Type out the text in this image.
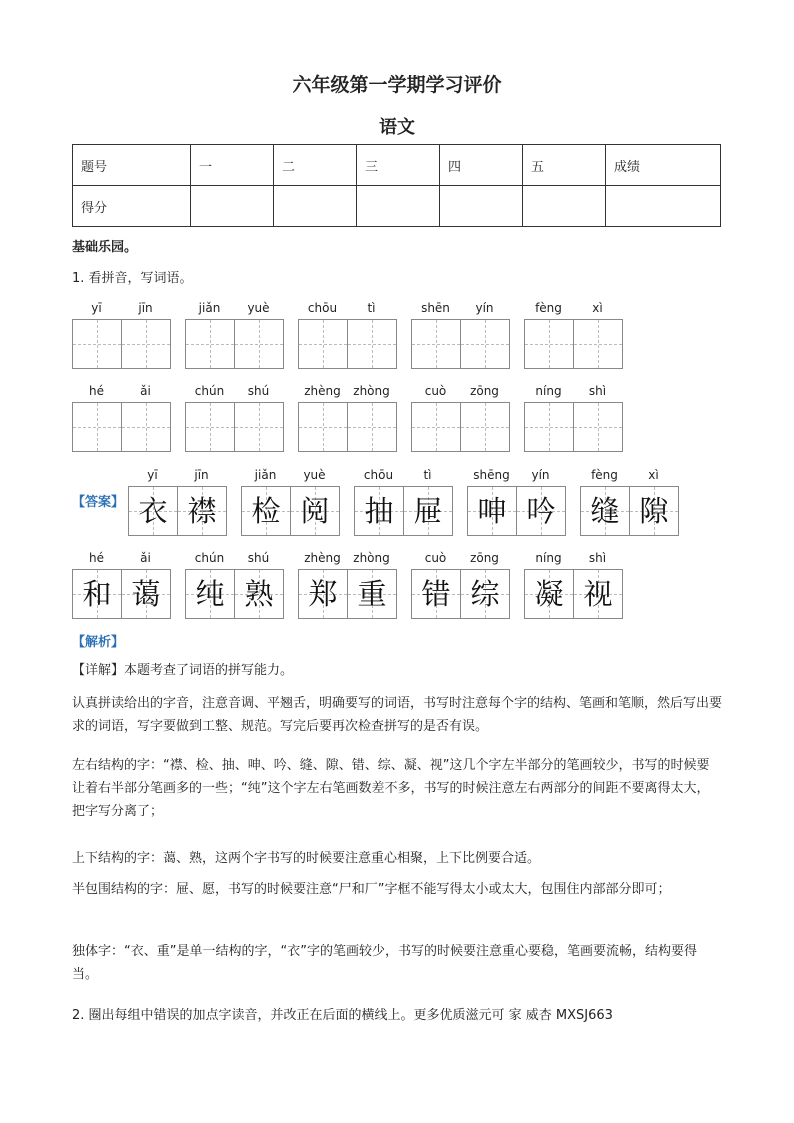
六年级第一学期学习评价
语文
题号	一	二	三	四	五	成绩
得分						
基础乐园。
1. 看拼音，写词语。
yī	jīn	jiǎn	yuè	chōu	tì	shēn	yín	fèng	xì
hé	ǎi	chún	shú	zhèng	zhòng	cuò	zōng	níng	shì
【答案】
yī	jīn
衣 襟
jiǎn	yuè
检 阅
chōu	tì
抽 屉
shēng	yín
呻 吟
fèng	xì
缝 隙
hé	ǎi
和 蔼
chún	shú
纯 熟
zhèng	zhòng
郑 重
cuò	zōng
错 综
níng	shì
凝 视
【解析】
【详解】本题考查了词语的拼写能力。
认真拼读给出的字音，注意音调、平翘舌，明确要写的词语，书写时注意每个字的结构、笔画和笔顺，然后写出要求的词语，写字要做到工整、规范。写完后要再次检查拼写的是否有误。
左右结构的字：“襟、检、抽、呻、吟、缝、隙、错、综、凝、视”这几个字左半部分的笔画较少，书写的时候要让着右半部分笔画多的一些；“纯”这个字左右笔画数差不多，书写的时候注意左右两部分的间距不要离得太大，把字写分离了；
上下结构的字：蔼、熟，这两个字书写的时候要注意重心相聚，上下比例要合适。
半包围结构的字：屉、愿，书写的时候要注意“尸和厂”字框不能写得太小或太大，包围住内部部分即可；
独体字：“衣、重”是单一结构的字，“衣”字的笔画较少，书写的时候要注意重心要稳，笔画要流畅，结构要得当。
2. 圈出每组中错误的加点字读音，并改正在后面的横线上。更多优质滋元可 家 威杏 MXSJ663
